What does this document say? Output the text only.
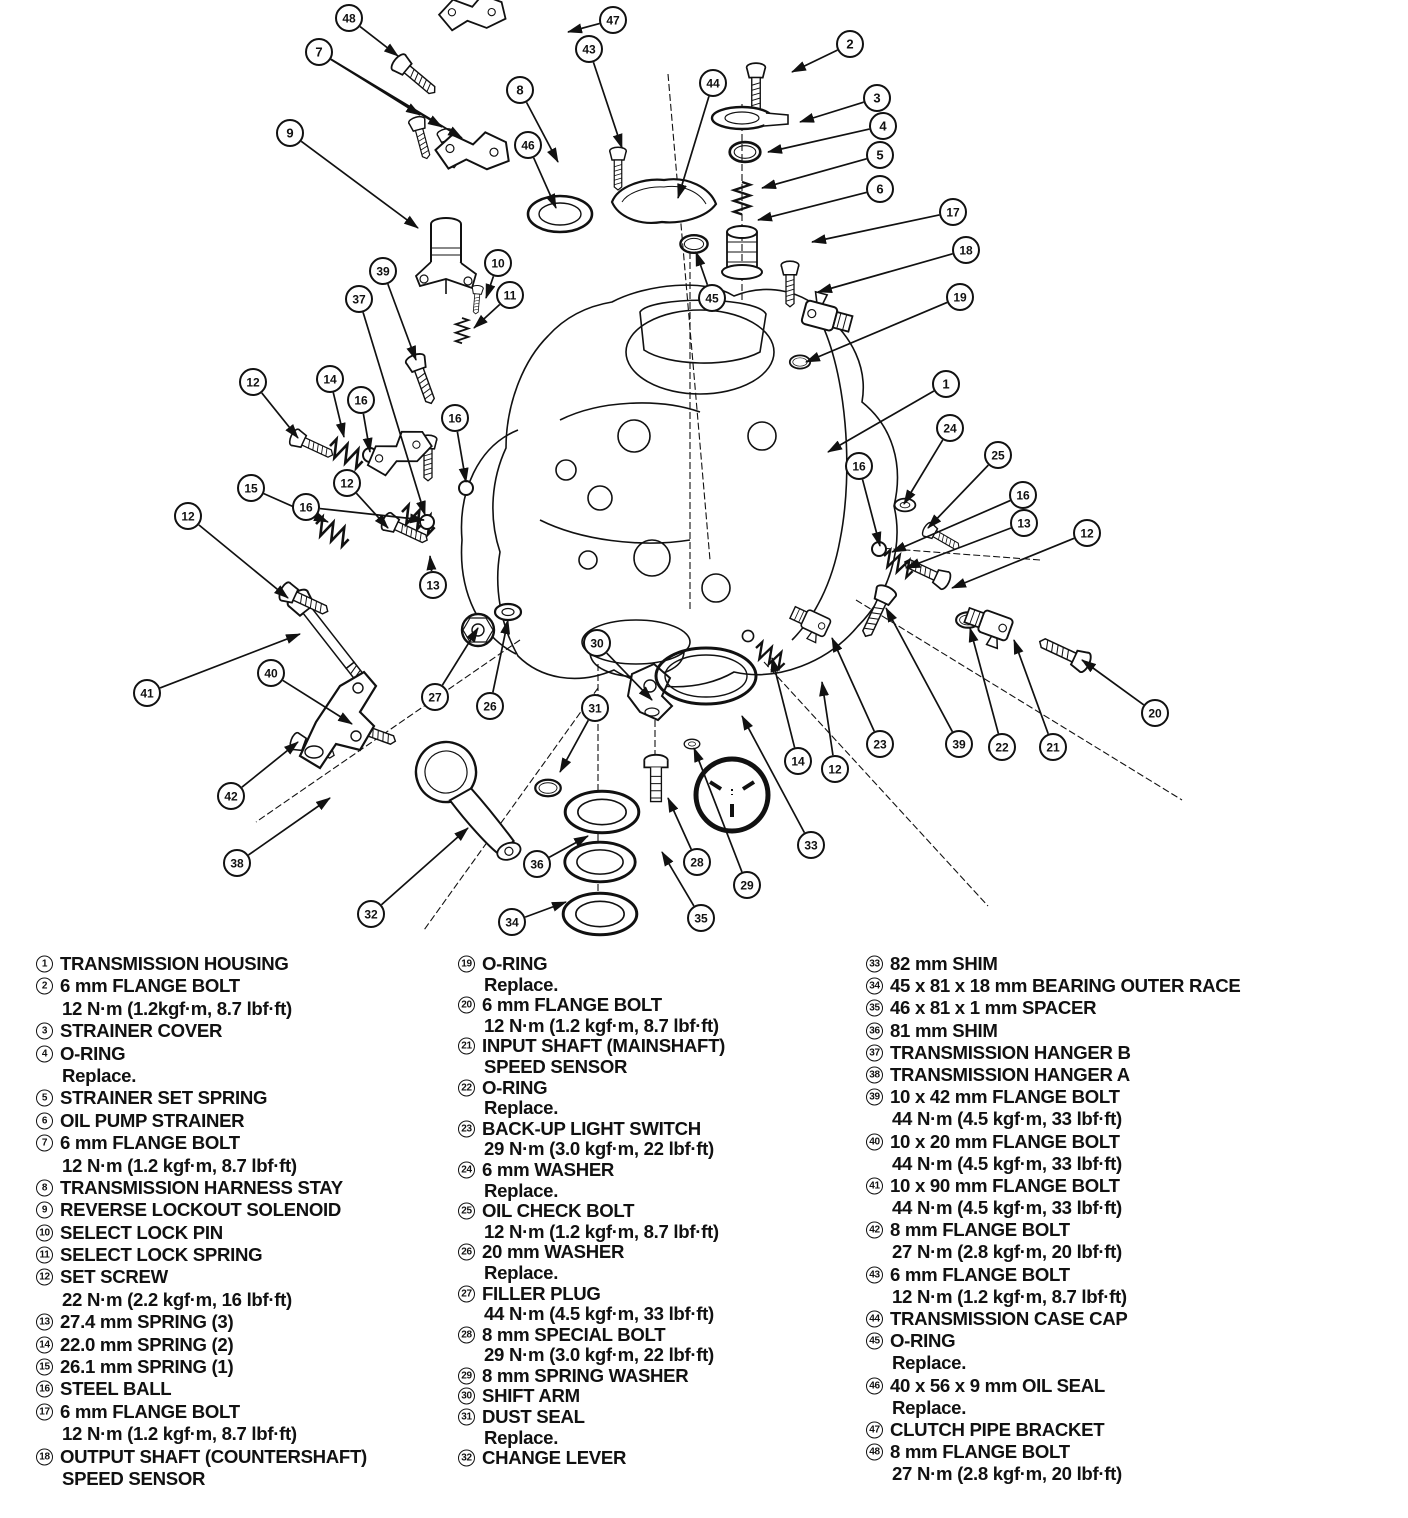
48
7
47
43	2
44
8
3
4
9
46
5
6
17
18
10
11	19
45
39
37
12	14
16
16
1
24
25
16
15	12
16
12
16
13
12
13
30
40
41	27
26	31
42
14
12
23	39 22	21
20
38
33
29
28
35
36
34
32
1 TRANSMISSION HOUSING
2 6 mm FLANGE BOLT
12 N·m (1.2kgf·m, 8.7 lbf·ft)
3 STRAINER COVER
4 O-RING
Replace.
5 STRAINER SET SPRING
6 OIL PUMP STRAINER
7 6 mm FLANGE BOLT
12 N·m (1.2 kgf·m, 8.7 lbf·ft)
8 TRANSMISSION HARNESS STAY
9 REVERSE LOCKOUT SOLENOID
10 SELECT LOCK PIN
11 SELECT LOCK SPRING
12 SET SCREW
22 N·m (2.2 kgf·m, 16 lbf·ft)
13 27.4 mm SPRING (3)
14 22.0 mm SPRING (2)
15 26.1 mm SPRING (1)
16 STEEL BALL
17 6 mm FLANGE BOLT
12 N·m (1.2 kgf·m, 8.7 lbf·ft)
18 OUTPUT SHAFT (COUNTERSHAFT)
SPEED SENSOR
19 O-RING
Replace.
20 6 mm FLANGE BOLT
12 N·m (1.2 kgf·m, 8.7 lbf·ft)
21 INPUT SHAFT (MAINSHAFT)
SPEED SENSOR
22 O-RING
Replace.
23 BACK-UP LIGHT SWITCH
29 N·m (3.0 kgf·m, 22 lbf·ft)
24 6 mm WASHER
Replace.
25 OIL CHECK BOLT
12 N·m (1.2 kgf·m, 8.7 lbf·ft)
26 20 mm WASHER
Replace.
27 FILLER PLUG
44 N·m (4.5 kgf·m, 33 lbf·ft)
28 8 mm SPECIAL BOLT
29 N·m (3.0 kgf·m, 22 lbf·ft)
29 8 mm SPRING WASHER
30 SHIFT ARM
31 DUST SEAL
Replace.
32 CHANGE LEVER
33 82 mm SHIM
34 45 x 81 x 18 mm BEARING OUTER RACE
35 46 x 81 x 1 mm SPACER
36 81 mm SHIM
37 TRANSMISSION HANGER B
38 TRANSMISSION HANGER A
39 10 x 42 mm FLANGE BOLT
44 N·m (4.5 kgf·m, 33 lbf·ft)
40 10 x 20 mm FLANGE BOLT
44 N·m (4.5 kgf·m, 33 lbf·ft)
41 10 x 90 mm FLANGE BOLT
44 N·m (4.5 kgf·m, 33 lbf·ft)
42 8 mm FLANGE BOLT
27 N·m (2.8 kgf·m, 20 lbf·ft)
43 6 mm FLANGE BOLT
12 N·m (1.2 kgf·m, 8.7 lbf·ft)
44 TRANSMISSION CASE CAP
45 O-RING
Replace.
46 40 x 56 x 9 mm OIL SEAL
Replace.
47 CLUTCH PIPE BRACKET
48 8 mm FLANGE BOLT
27 N·m (2.8 kgf·m, 20 lbf·ft)
